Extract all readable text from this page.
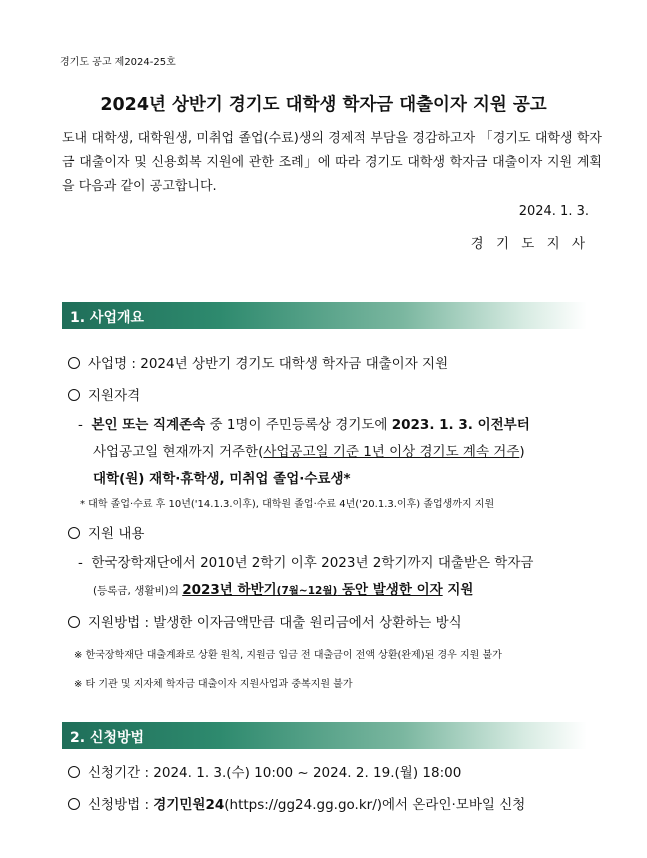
경기도 공고 제2024-25호
2024년 상반기 경기도 대학생 학자금 대출이자 지원 공고
도내 대학생, 대학원생, 미취업 졸업(수료)생의 경제적 부담을 경감하고자 「경기도 대학생 학자금 대출이자 및 신용회복 지원에 관한 조례」에 따라 경기도 대학생 학자금 대출이자 지원 계획을 다음과 같이 공고합니다.
2024. 1. 3.
경 기 도 지 사
1. 사업개요
사업명 : 2024년 상반기 경기도 대학생 학자금 대출이자 지원
지원자격
- 본인 또는 직계존속 중 1명이 주민등록상 경기도에 2023. 1. 3. 이전부터
사업공고일 현재까지 거주한(사업공고일 기준 1년 이상 경기도 계속 거주)
대학(원) 재학·휴학생, 미취업 졸업·수료생*
* 대학 졸업·수료 후 10년('14.1.3.이후), 대학원 졸업·수료 4년('20.1.3.이후) 졸업생까지 지원
지원 내용
- 한국장학재단에서 2010년 2학기 이후 2023년 2학기까지 대출받은 학자금
(등록금, 생활비)의 2023년 하반기(7월~12월) 동안 발생한 이자 지원
지원방법 : 발생한 이자금액만큼 대출 원리금에서 상환하는 방식
※ 한국장학재단 대출계좌로 상환 원칙, 지원금 입금 전 대출금이 전액 상환(완제)된 경우 지원 불가
※ 타 기관 및 지자체 학자금 대출이자 지원사업과 중복지원 불가
2. 신청방법
신청기간 : 2024. 1. 3.(수) 10:00 ~ 2024. 2. 19.(월) 18:00
신청방법 : 경기민원24(https://gg24.gg.go.kr/)에서 온라인·모바일 신청
